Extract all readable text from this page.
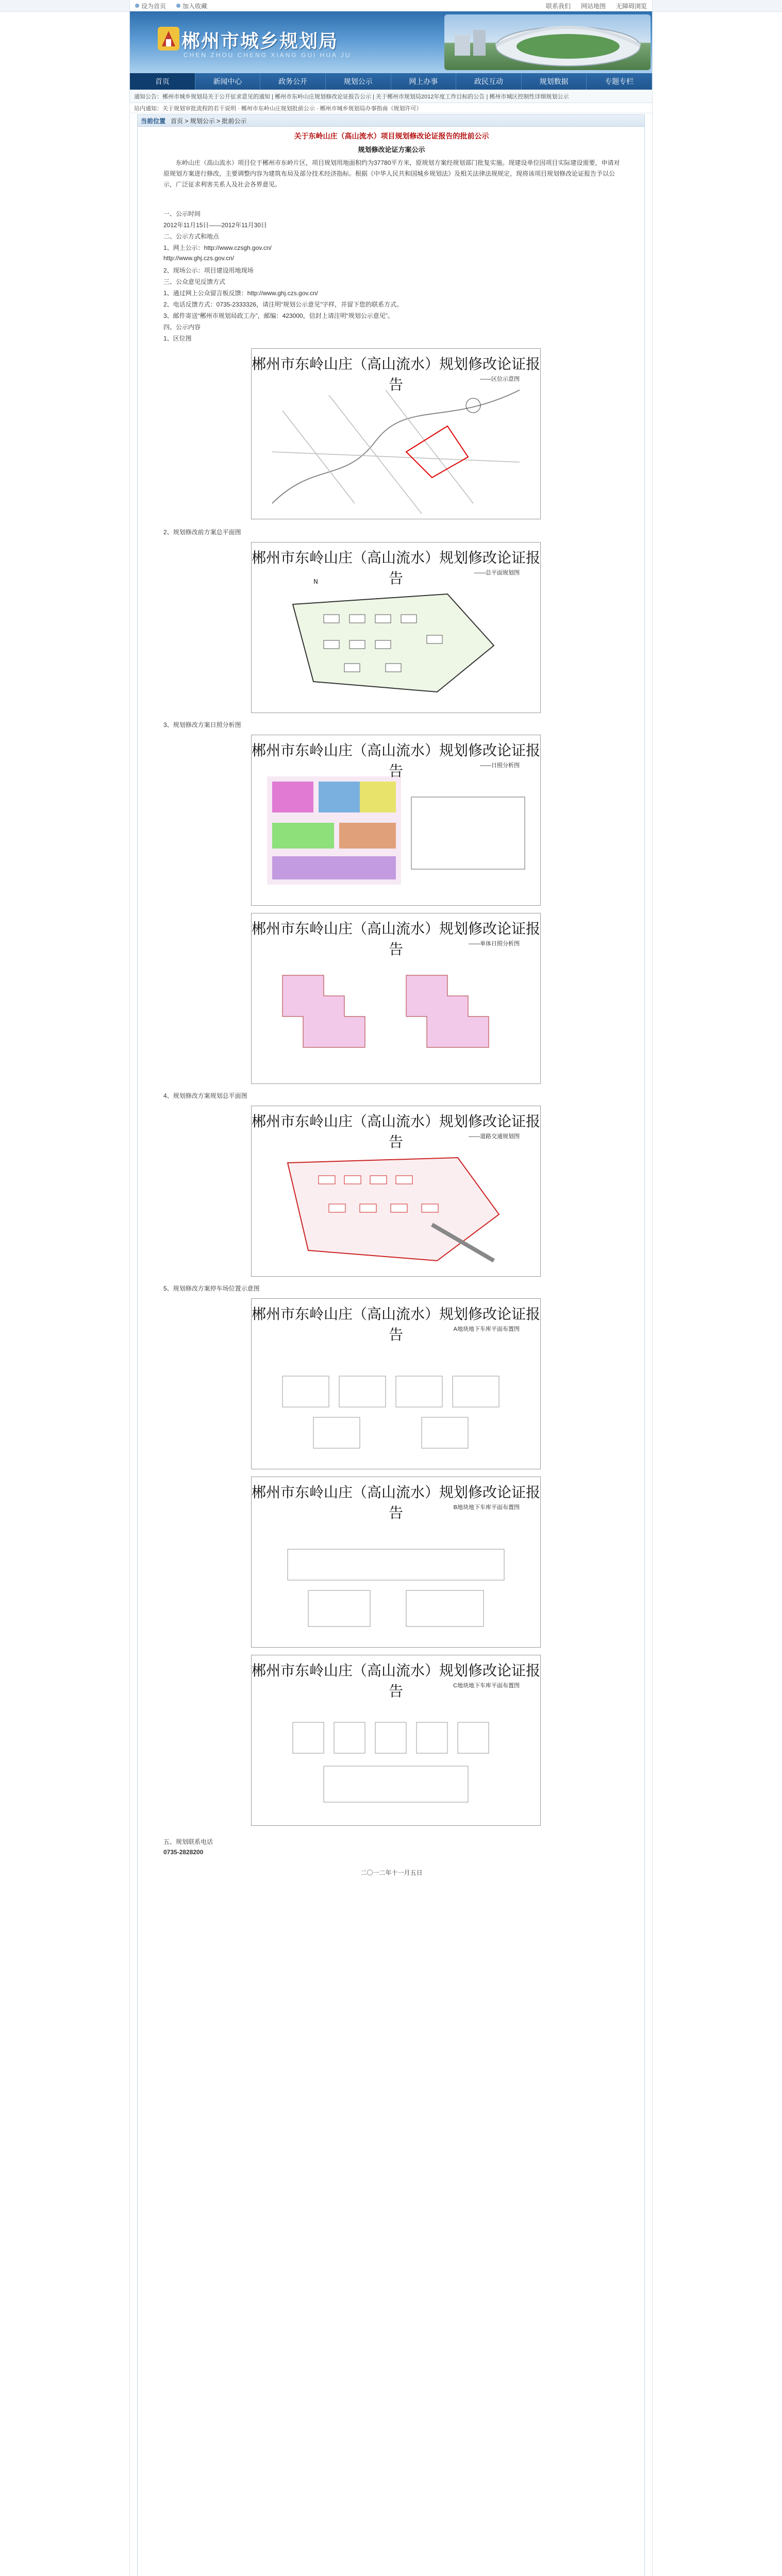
设为首页	加入收藏	联系我们	网站地图	无障碍浏览
郴州市城乡规划局
CHEN ZHOU CHENG XIANG GUI HUA JU
首页	新闻中心	政务公开	规划公示	网上办事	政民互动	规划数据	专题专栏
通知公告：郴州市城乡规划局关于公开征求意见的通知 | 郴州市东岭山庄规划修改论证报告公示 | 关于郴州市规划局2012年度工作目标的公告 | 郴州市城区控制性详细规划公示
站内通知：关于规划审批流程的若干说明 · 郴州市东岭山庄规划批前公示 · 郴州市城乡规划局办事指南（规划许可）
当前位置 首页 > 规划公示 > 批前公示
关于东岭山庄（高山流水）项目规划修改论证报告的批前公示
规划修改论证方案公示
东岭山庄（高山流水）项目位于郴州市东岭片区，项目规划用地面积约为37780平方米，原规划方案经规划部门批复实施。现建设单位因项目实际建设需要，申请对原规划方案进行修改，主要调整内容为建筑布局及部分技术经济指标。根据《中华人民共和国城乡规划法》及相关法律法规规定，现将该项目规划修改论证报告予以公示，广泛征求利害关系人及社会各界意见。
一、公示时间
2012年11月15日——2012年11月30日
二、公示方式和地点
1、网上公示：http://www.czsgh.gov.cn/
http://www.ghj.czs.gov.cn/
2、现场公示：项目建设用地现场
三、公众意见反馈方式
1、通过网上公众留言板反馈：http://www.ghj.czs.gov.cn/
2、电话反馈方式：0735-2333326，请注明“规划公示意见”字样，并留下您的联系方式。
3、邮件寄送“郴州市规划局政工办”，邮编：423000，信封上请注明“规划公示意见”。
四、公示内容
1、区位图
郴州市东岭山庄（高山流水）规划修改论证报告	——区位示意图
2、规划修改前方案总平面图
郴州市东岭山庄（高山流水）规划修改论证报告	——总平面规划图
N
3、规划修改方案日照分析图
郴州市东岭山庄（高山流水）规划修改论证报告	——日照分析图
郴州市东岭山庄（高山流水）规划修改论证报告	——单体日照分析图
4、规划修改方案规划总平面图
郴州市东岭山庄（高山流水）规划修改论证报告	——道路交通规划图
5、规划修改方案停车场位置示意图
郴州市东岭山庄（高山流水）规划修改论证报告	A地块地下车库平面布置图
郴州市东岭山庄（高山流水）规划修改论证报告	B地块地下车库平面布置图
郴州市东岭山庄（高山流水）规划修改论证报告	C地块地下车库平面布置图
五、规划联系电话
0735-2828200
二〇一二年十一月五日
